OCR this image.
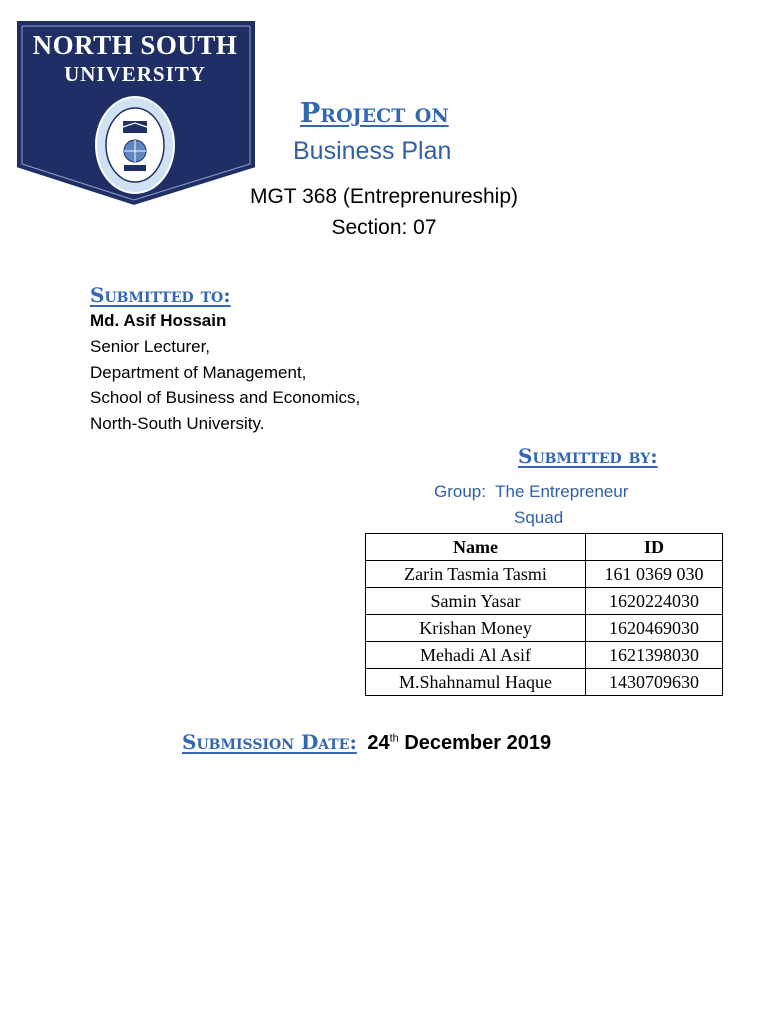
NORTH SOUTH
UNIVERSITY
Project on
Business Plan
MGT 368 (Entreprenureship)
Section: 07
Submitted to:
Md. Asif Hossain
Senior Lecturer,
Department of Management,
School of Business and Economics,
North-South University.
Submitted by:
Group:  The Entrepreneur
Squad
Name	ID
Zarin Tasmia Tasmi	161 0369 030
Samin Yasar	1620224030
Krishan Money	1620469030
Mehadi Al Asif	1621398030
M.Shahnamul Haque	1430709630
Submission Date: 24th December 2019
